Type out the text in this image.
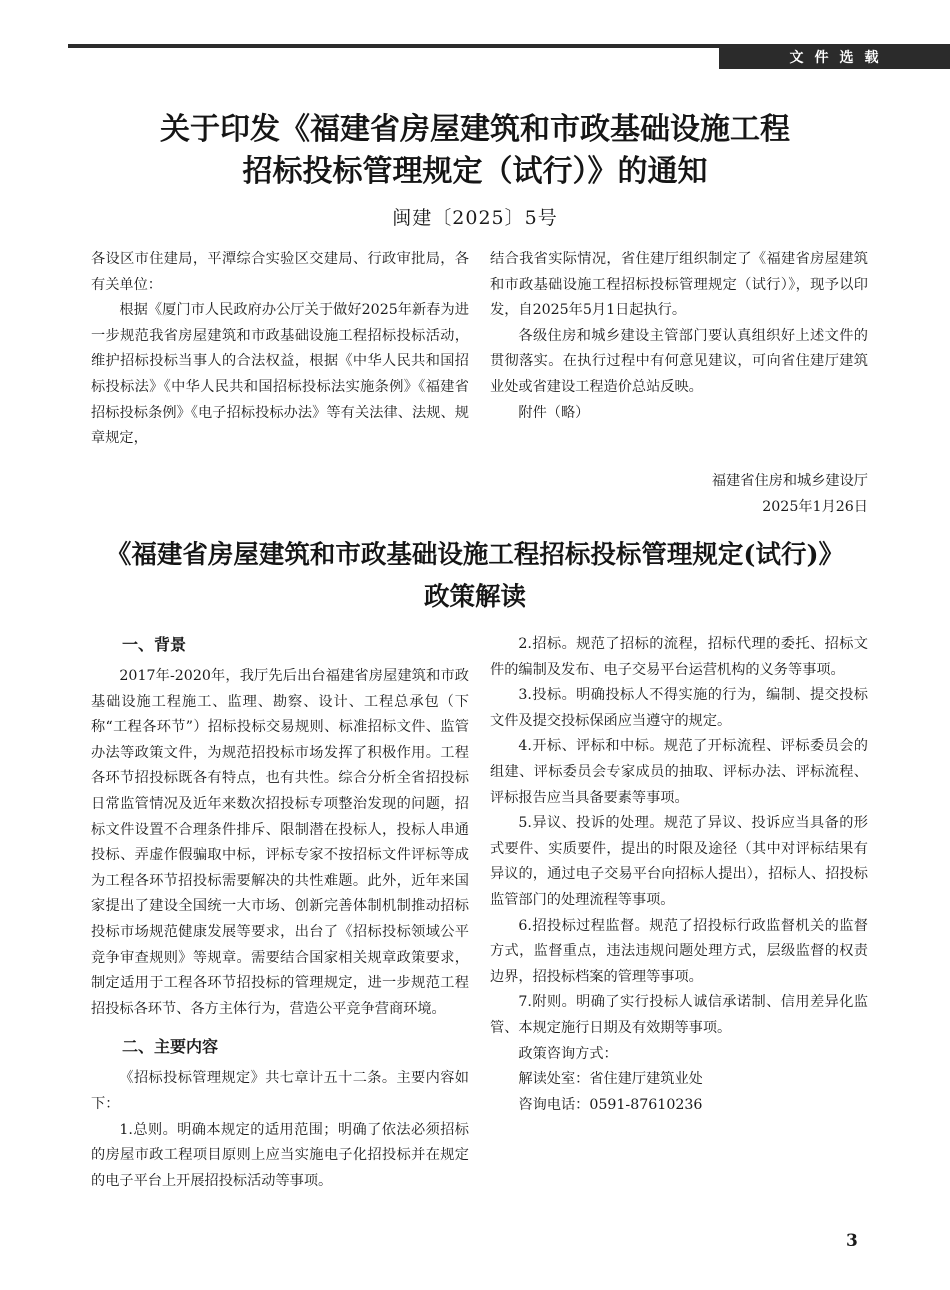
文件选载
关于印发《福建省房屋建筑和市政基础设施工程
招标投标管理规定（试行）》的通知
闽建〔2025〕5号

各设区市住建局，平潭综合实验区交建局、行政审批局，各有关单位：

根据《厦门市人民政府办公厅关于做好2025年新春为进一步规范我省房屋建筑和市政基础设施工程招标投标活动，维护招标投标当事人的合法权益，根据《中华人民共和国招标投标法》《中华人民共和国招标投标法实施条例》《福建省招标投标条例》《电子招标投标办法》等有关法律、法规、规章规定，

结合我省实际情况，省住建厅组织制定了《福建省房屋建筑和市政基础设施工程招标投标管理规定（试行）》，现予以印发，自2025年5月1日起执行。

各级住房和城乡建设主管部门要认真组织好上述文件的贯彻落实。在执行过程中有何意见建议，可向省住建厅建筑业处或省建设工程造价总站反映。

附件（略）

福建省住房和城乡建设厅
2025年1月26日
《福建省房屋建筑和市政基础设施工程招标投标管理规定(试行)》
政策解读
一、背景

2017年-2020年，我厅先后出台福建省房屋建筑和市政基础设施工程施工、监理、勘察、设计、工程总承包（下称“工程各环节”）招标投标交易规则、标准招标文件、监管办法等政策文件，为规范招投标市场发挥了积极作用。工程各环节招投标既各有特点，也有共性。综合分析全省招投标日常监管情况及近年来数次招投标专项整治发现的问题，招标文件设置不合理条件排斥、限制潜在投标人，投标人串通投标、弄虚作假骗取中标，评标专家不按招标文件评标等成为工程各环节招投标需要解决的共性难题。此外，近年来国家提出了建设全国统一大市场、创新完善体制机制推动招标投标市场规范健康发展等要求，出台了《招标投标领域公平竞争审查规则》等规章。需要结合国家相关规章政策要求，制定适用于工程各环节招投标的管理规定，进一步规范工程招投标各环节、各方主体行为，营造公平竞争营商环境。

二、主要内容

《招标投标管理规定》共七章计五十二条。主要内容如下：

1.总则。明确本规定的适用范围；明确了依法必须招标的房屋市政工程项目原则上应当实施电子化招投标并在规定的电子平台上开展招投标活动等事项。

2.招标。规范了招标的流程，招标代理的委托、招标文件的编制及发布、电子交易平台运营机构的义务等事项。

3.投标。明确投标人不得实施的行为，编制、提交投标文件及提交投标保函应当遵守的规定。

4.开标、评标和中标。规范了开标流程、评标委员会的组建、评标委员会专家成员的抽取、评标办法、评标流程、评标报告应当具备要素等事项。

5.异议、投诉的处理。规范了异议、投诉应当具备的形式要件、实质要件，提出的时限及途径（其中对评标结果有异议的，通过电子交易平台向招标人提出），招标人、招投标监管部门的处理流程等事项。

6.招投标过程监督。规范了招投标行政监督机关的监督方式，监督重点，违法违规问题处理方式，层级监督的权责边界，招投标档案的管理等事项。

7.附则。明确了实行投标人诚信承诺制、信用差异化监管、本规定施行日期及有效期等事项。

政策咨询方式：

解读处室：省住建厅建筑业处

咨询电话：0591-87610236

3
